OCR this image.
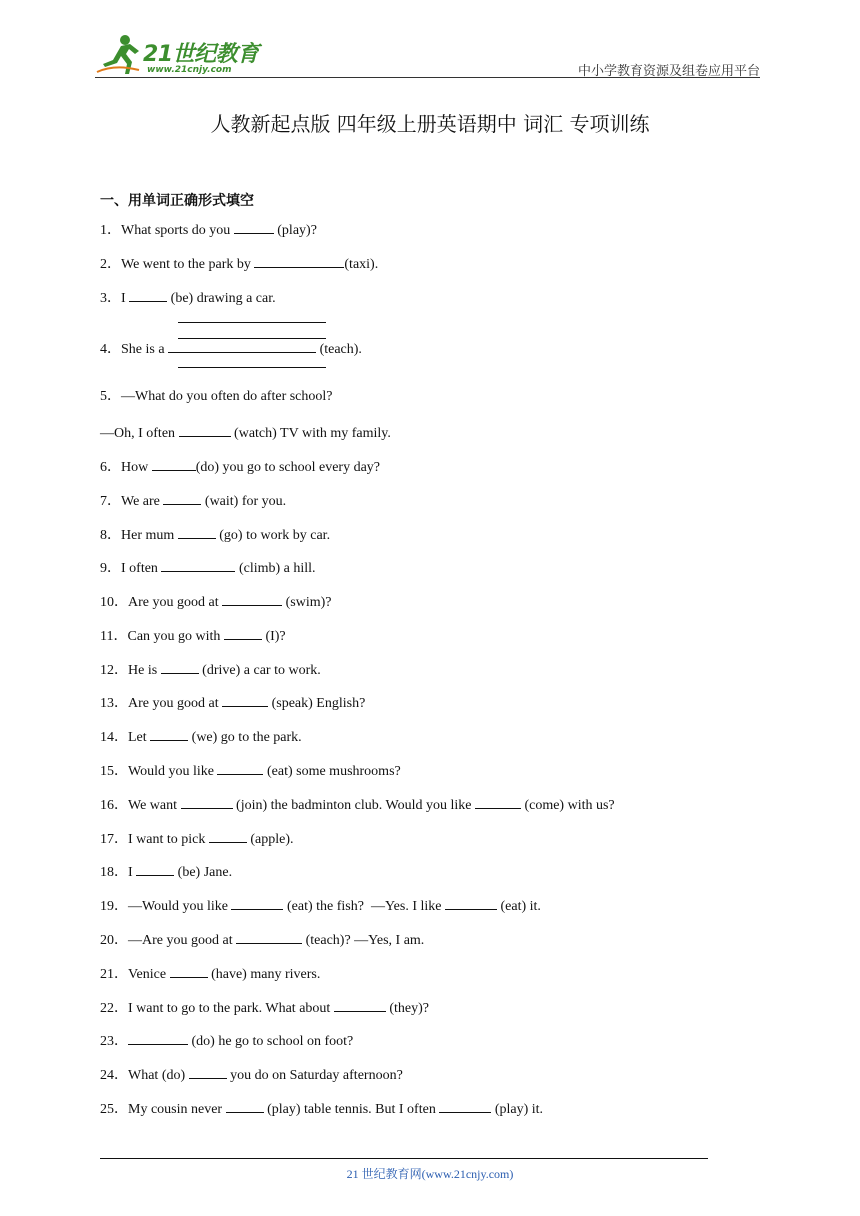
21世纪教育
www.21cnjy.com	中小学教育资源及组卷应用平台
人教新起点版 四年级上册英语期中 词汇 专项训练
一、用单词正确形式填空
1．What sports do you	(play)?
2．We went to the park by	(taxi).
3．I	(be) drawing a car.
4．She is a	(teach).
5．—What do you often do after school?
—Oh, I often	(watch) TV with my family.
6．How	(do) you go to school every day?
7．We are	(wait) for you.
8．Her mum	(go) to work by car.
9．I often	(climb) a hill.
10．Are you good at	(swim)?
11．Can you go with	(I)?
12．He is	(drive) a car to work.
13．Are you good at	(speak) English?
14．Let	(we) go to the park.
15．Would you like	(eat) some mushrooms?
16．We want	(join) the badminton club. Would you like	(come) with us?
17．I want to pick	(apple).
18．I	(be) Jane.
19．—Would you like	(eat) the fish?  —Yes. I like	(eat) it.
20．—Are you good at	(teach)? —Yes, I am.
21．Venice	(have) many rivers.
22．I want to go to the park. What about	(they)?
23．	(do) he go to school on foot?
24．What (do)	you do on Saturday afternoon?
25．My cousin never	(play) table tennis. But I often	(play) it.
21 世纪教育网(www.21cnjy.com)
